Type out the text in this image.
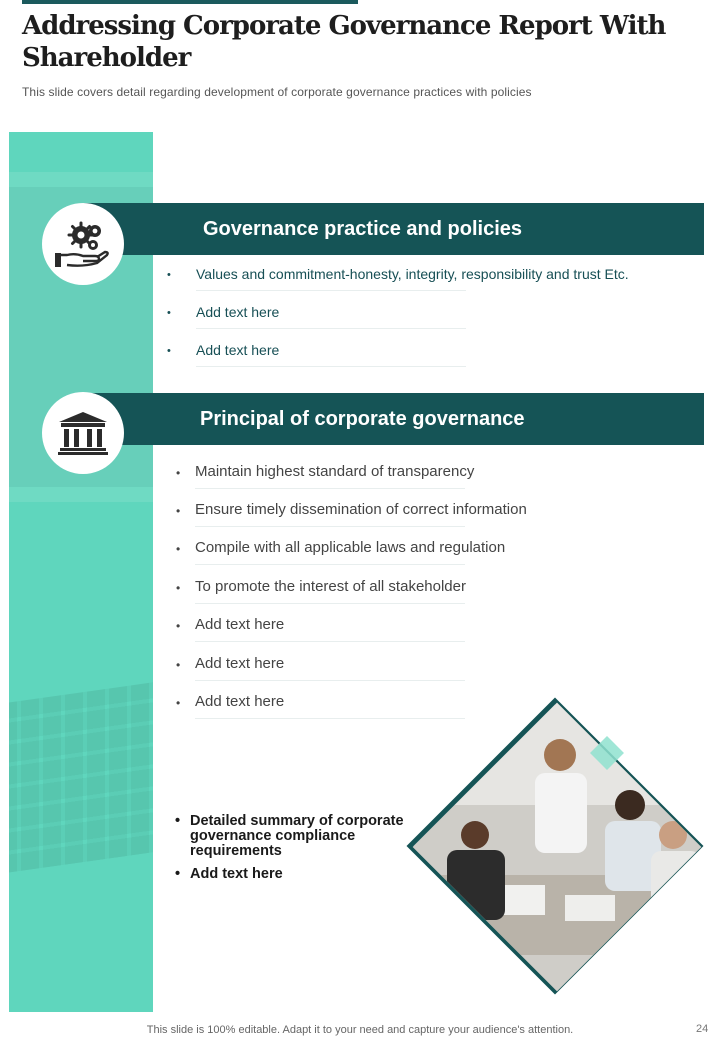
Addressing Corporate Governance Report With Shareholder
This slide covers detail regarding development of corporate governance practices with policies
Governance practice and policies
• Values and commitment-honesty, integrity, responsibility and trust Etc.
• Add text here
• Add text here
Principal of corporate governance
• Maintain highest standard of transparency
• Ensure timely dissemination of correct information
• Compile with all applicable laws and regulation
• To promote the interest of all stakeholder
• Add text here
• Add text here
• Add text here
• Detailed summary of corporate governance compliance requirements
• Add text here
This slide is 100% editable. Adapt it to your need and capture your audience's attention.	24
